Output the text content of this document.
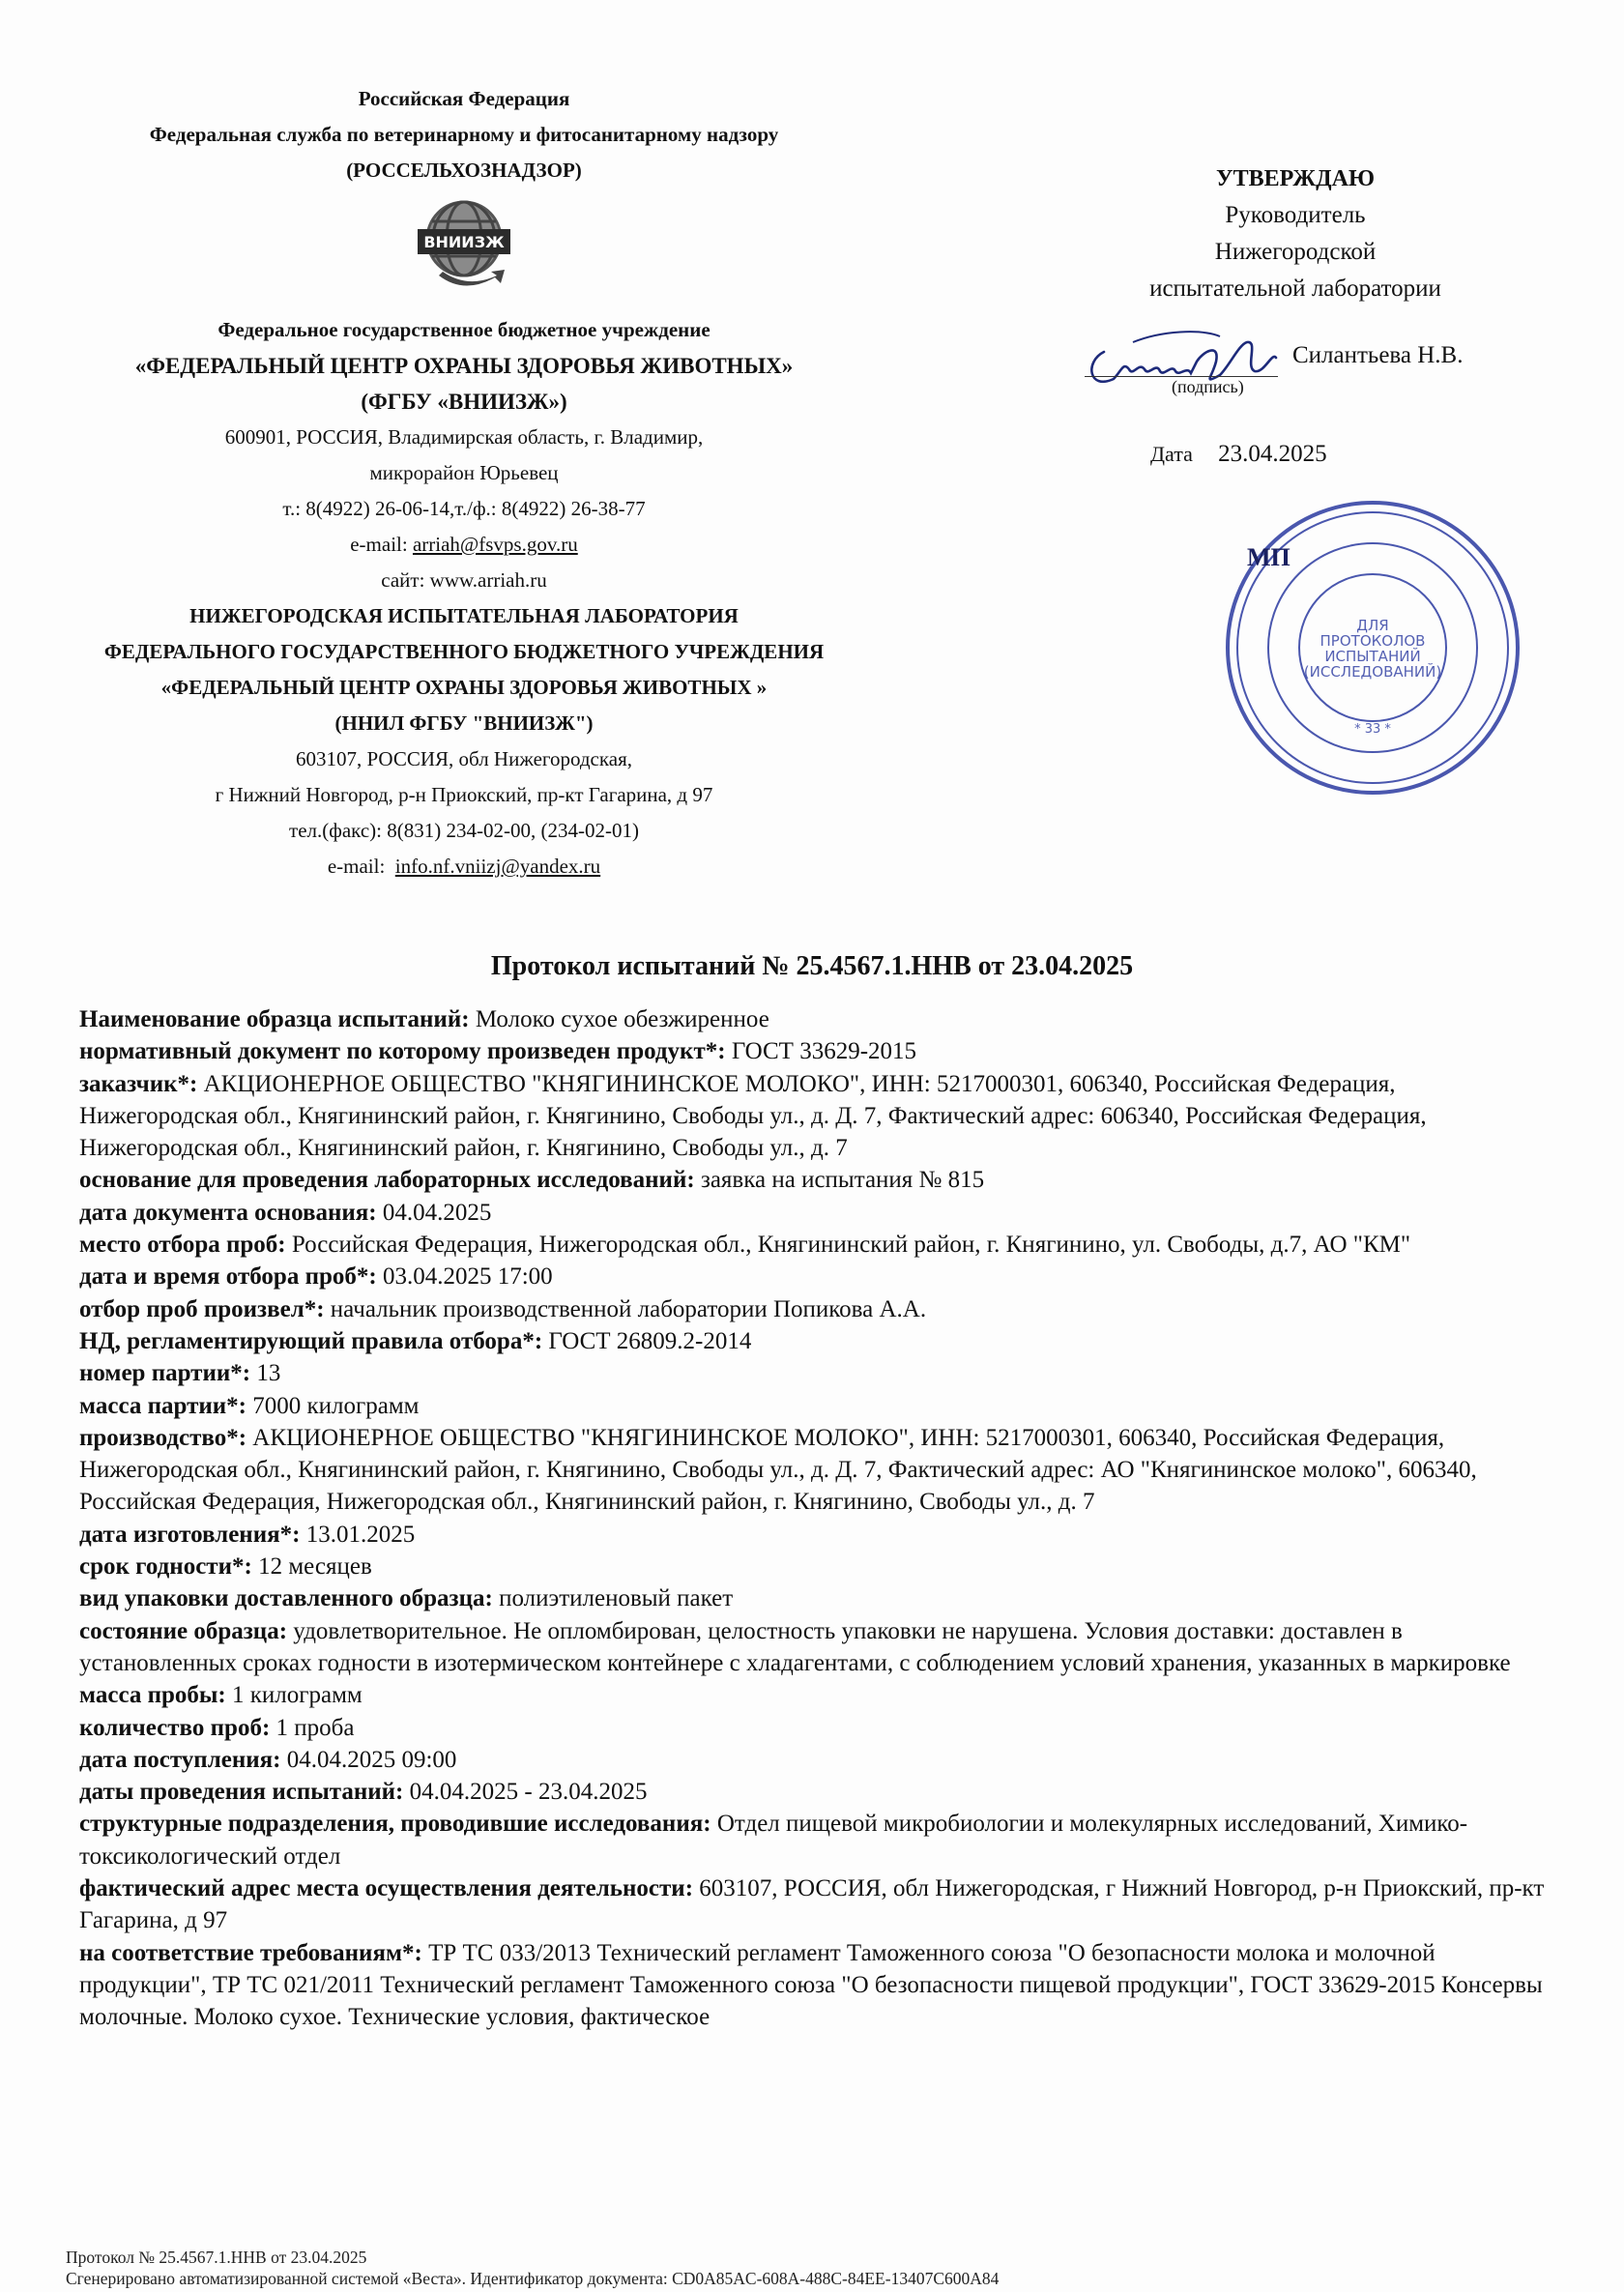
Российская Федерация
Федеральная служба по ветеринарному и фитосанитарному надзору
(РОССЕЛЬХОЗНАДЗОР)
ВНИИЗЖ
Федеральное государственное бюджетное учреждение
«ФЕДЕРАЛЬНЫЙ ЦЕНТР ОХРАНЫ ЗДОРОВЬЯ ЖИВОТНЫХ»
(ФГБУ «ВНИИЗЖ»)
600901, РОССИЯ, Владимирская область, г. Владимир,
микрорайон Юрьевец
т.: 8(4922) 26-06-14,т./ф.: 8(4922) 26-38-77
e-mail: arriah@fsvps.gov.ru
сайт: www.arriah.ru
НИЖЕГОРОДСКАЯ ИСПЫТАТЕЛЬНАЯ ЛАБОРАТОРИЯ
ФЕДЕРАЛЬНОГО ГОСУДАРСТВЕННОГО БЮДЖЕТНОГО УЧРЕЖДЕНИЯ
«ФЕДЕРАЛЬНЫЙ ЦЕНТР ОХРАНЫ ЗДОРОВЬЯ ЖИВОТНЫХ »
(ННИЛ ФГБУ "ВНИИЗЖ")
603107, РОССИЯ, обл Нижегородская,
г Нижний Новгород, р-н Приокский, пр-кт Гагарина, д 97
тел.(факс): 8(831) 234-02-00, (234-02-01)
e-mail: info.nf.vniizj@yandex.ru
УТВЕРЖДАЮ
Руководитель
Нижегородской
испытательной лаборатории
Силантьева Н.В.
(подпись)
Дата 23.04.2025
ДЛЯ
ПРОТОКОЛОВ
ИСПЫТАНИЙ
(ИССЛЕДОВАНИЙ)
* 33 *
МП
Протокол испытаний № 25.4567.1.ННВ от 23.04.2025

Наименование образца испытаний: Молоко сухое обезжиренное

нормативный документ по которому произведен продукт*: ГОСТ 33629-2015

заказчик*: АКЦИОНЕРНОЕ ОБЩЕСТВО "КНЯГИНИНСКОЕ МОЛОКО", ИНН: 5217000301, 606340, Российская Федерация, Нижегородская обл., Княгининский район, г. Княгинино, Свободы ул., д. Д. 7, Фактический адрес: 606340, Российская Федерация, Нижегородская обл., Княгининский район, г. Княгинино, Свободы ул., д. 7

основание для проведения лабораторных исследований: заявка на испытания № 815

дата документа основания: 04.04.2025

место отбора проб: Российская Федерация, Нижегородская обл., Княгининский район, г. Княгинино, ул. Свободы, д.7, АО "КМ"

дата и время отбора проб*: 03.04.2025 17:00

отбор проб произвел*: начальник производственной лаборатории Попикова А.А.

НД, регламентирующий правила отбора*: ГОСТ 26809.2-2014

номер партии*: 13

масса партии*: 7000 килограмм

производство*: АКЦИОНЕРНОЕ ОБЩЕСТВО "КНЯГИНИНСКОЕ МОЛОКО", ИНН: 5217000301, 606340, Российская Федерация, Нижегородская обл., Княгининский район, г. Княгинино, Свободы ул., д. Д. 7, Фактический адрес: АО "Княгининское молоко", 606340, Российская Федерация, Нижегородская обл., Княгининский район, г. Княгинино, Свободы ул., д. 7

дата изготовления*: 13.01.2025

срок годности*: 12 месяцев

вид упаковки доставленного образца: полиэтиленовый пакет

состояние образца: удовлетворительное. Не опломбирован, целостность упаковки не нарушена. Условия доставки: доставлен в установленных сроках годности в изотермическом контейнере с хладагентами, с соблюдением условий хранения, указанных в маркировке

масса пробы: 1 килограмм

количество проб: 1 проба

дата поступления: 04.04.2025 09:00

даты проведения испытаний: 04.04.2025 - 23.04.2025

структурные подразделения, проводившие исследования: Отдел пищевой микробиологии и молекулярных исследований, Химико-токсикологический отдел

фактический адрес места осуществления деятельности: 603107, РОССИЯ, обл Нижегородская, г Нижний Новгород, р-н Приокский, пр-кт Гагарина, д 97

на соответствие требованиям*: ТР ТС 033/2013 Технический регламент Таможенного союза "О безопасности молока и молочной продукции", ТР ТС 021/2011 Технический регламент Таможенного союза "О безопасности пищевой продукции", ГОСТ 33629-2015 Консервы молочные. Молоко сухое. Технические условия, фактическое

Протокол № 25.4567.1.ННВ от 23.04.2025
Сгенерировано автоматизированной системой «Веста». Идентификатор документа: CD0A85AC-608A-488C-84EE-13407C600A84
